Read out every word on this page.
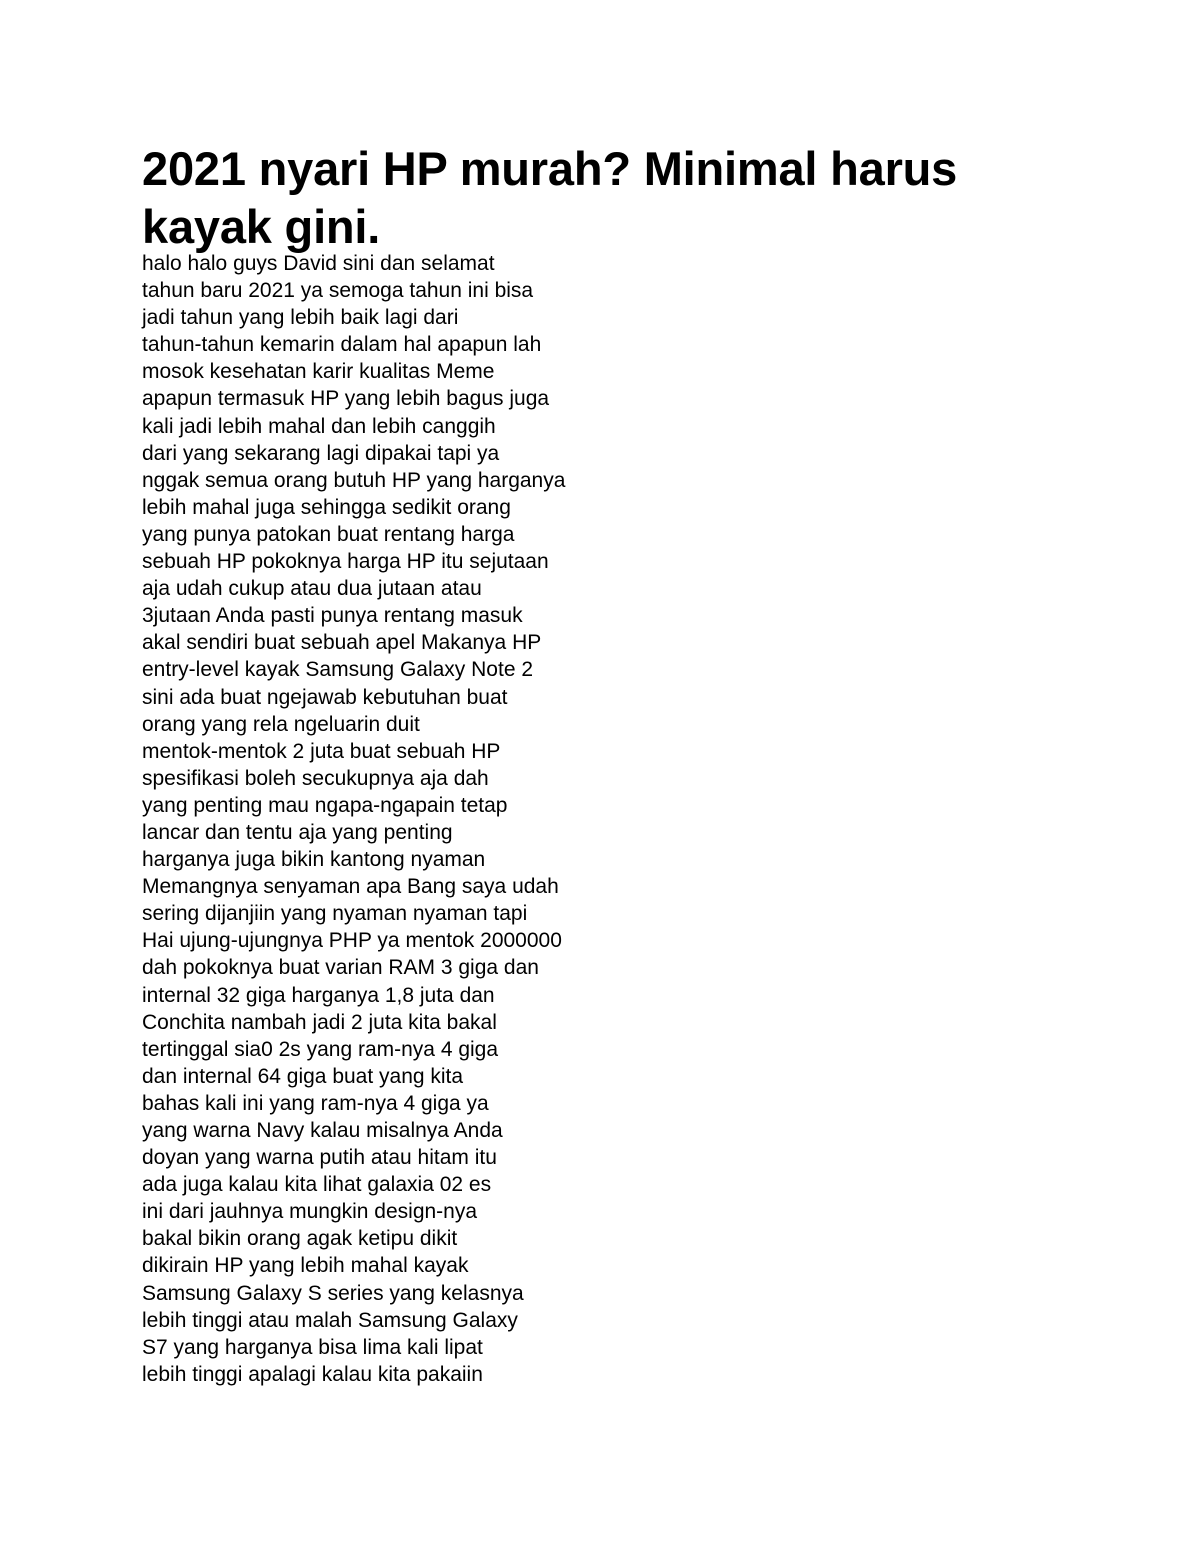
2021 nyari HP murah? Minimal harus kayak gini.
halo halo guys David sini dan selamat
tahun baru 2021 ya semoga tahun ini bisa
jadi tahun yang lebih baik lagi dari
tahun-tahun kemarin dalam hal apapun lah
mosok kesehatan karir kualitas Meme
apapun termasuk HP yang lebih bagus juga
kali jadi lebih mahal dan lebih canggih
dari yang sekarang lagi dipakai tapi ya
nggak semua orang butuh HP yang harganya
lebih mahal juga sehingga sedikit orang
yang punya patokan buat rentang harga
sebuah HP pokoknya harga HP itu sejutaan
aja udah cukup atau dua jutaan atau
3jutaan Anda pasti punya rentang masuk
akal sendiri buat sebuah apel Makanya HP
entry-level kayak Samsung Galaxy Note 2
sini ada buat ngejawab kebutuhan buat
orang yang rela ngeluarin duit
mentok-mentok 2 juta buat sebuah HP
spesifikasi boleh secukupnya aja dah
yang penting mau ngapa-ngapain tetap
lancar dan tentu aja yang penting
harganya juga bikin kantong nyaman
Memangnya senyaman apa Bang saya udah
sering dijanjiin yang nyaman nyaman tapi
Hai ujung-ujungnya PHP ya mentok 2000000
dah pokoknya buat varian RAM 3 giga dan
internal 32 giga harganya 1,8 juta dan
Conchita nambah jadi 2 juta kita bakal
tertinggal sia0 2s yang ram-nya 4 giga
dan internal 64 giga buat yang kita
bahas kali ini yang ram-nya 4 giga ya
yang warna Navy kalau misalnya Anda
doyan yang warna putih atau hitam itu
ada juga kalau kita lihat galaxia 02 es
ini dari jauhnya mungkin design-nya
bakal bikin orang agak ketipu dikit
dikirain HP yang lebih mahal kayak
Samsung Galaxy S series yang kelasnya
lebih tinggi atau malah Samsung Galaxy
S7 yang harganya bisa lima kali lipat
lebih tinggi apalagi kalau kita pakaiin
